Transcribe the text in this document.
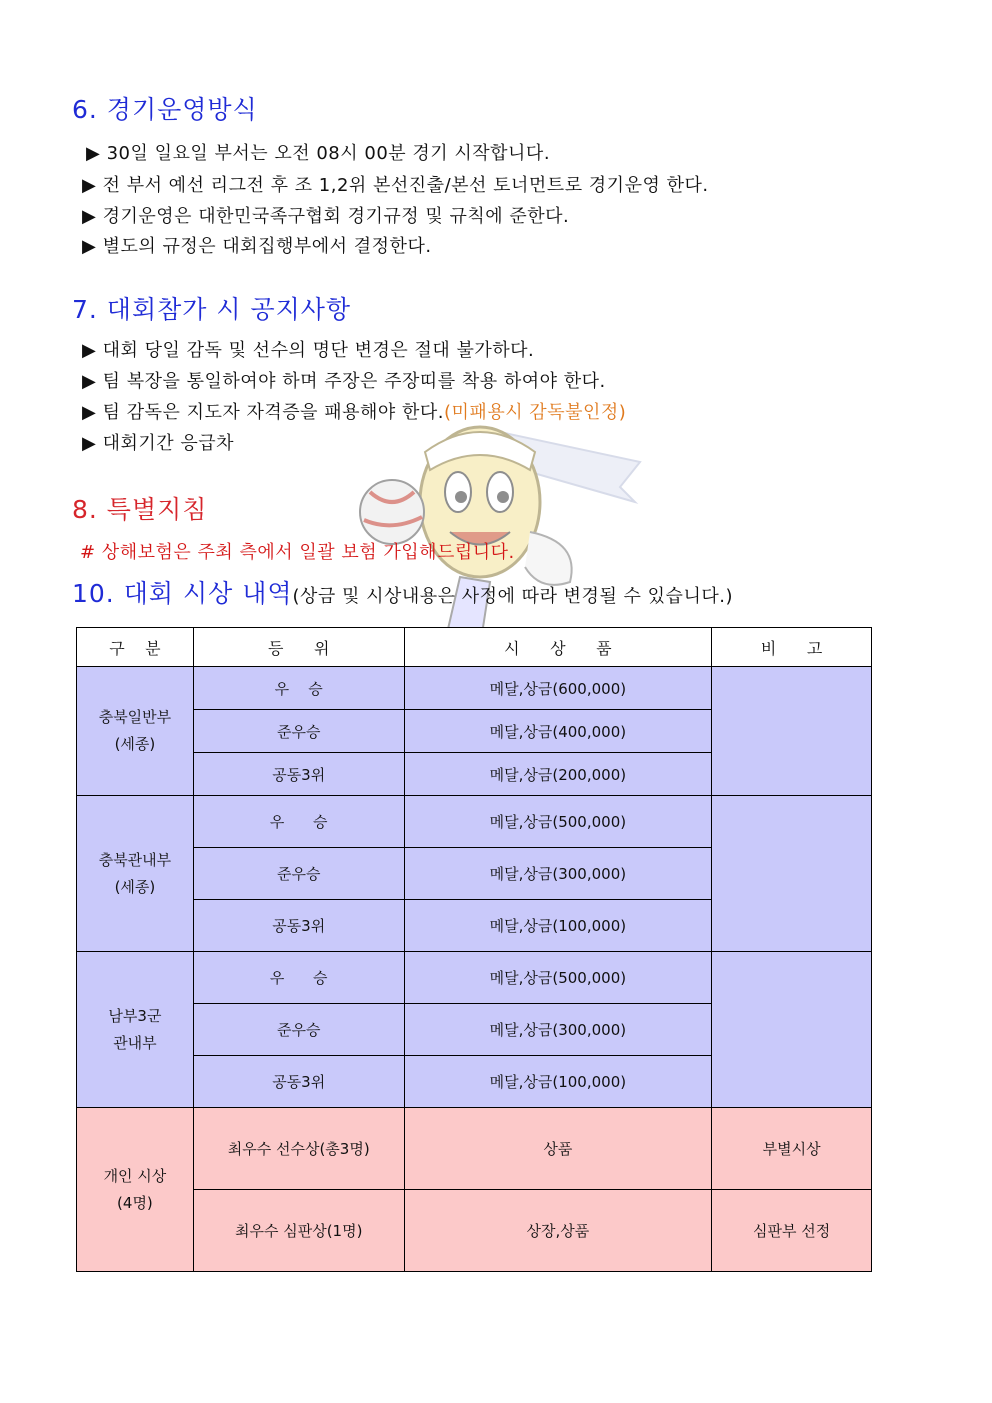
6. 경기운영방식
▶ 30일 일요일 부서는 오전 08시 00분 경기 시작합니다.
▶ 전 부서 예선 리그전 후 조 1,2위 본선진출/본선 토너먼트로 경기운영 한다.
▶ 경기운영은 대한민국족구협회 경기규정 및 규칙에 준한다.
▶ 별도의 규정은 대회집행부에서 결정한다.
7. 대회참가 시 공지사항
▶ 대회 당일 감독 및 선수의 명단 변경은 절대 불가하다.
▶ 팀 복장을 통일하여야 하며 주장은 주장띠를 착용 하여야 한다.
▶ 팀 감독은 지도자 자격증을 패용해야 한다.(미패용시 감독불인정)
▶ 대회기간 응급차
8. 특별지침
# 상해보험은 주최 측에서 일괄 보험 가입해드립니다.
10. 대회 시상 내역(상금 및 시상내용은 사정에 따라 변경될 수 있습니다.)
구    분	등      위	시      상      품	비      고

충북일반부
(세종)	우    승	메달,상금(600,000)	
	준우승	메달,상금(400,000)	
	공동3위	메달,상금(200,000)	

충북관내부
(세종)	우      승	메달,상금(500,000)	
	준우승	메달,상금(300,000)	
	공동3위	메달,상금(100,000)	

남부3군
관내부	우      승	메달,상금(500,000)	
	준우승	메달,상금(300,000)	
	공동3위	메달,상금(100,000)	

개인 시상
(4명)	최우수 선수상(총3명)	상품	부별시상
	최우수 심판상(1명)	상장,상품	심판부 선정
